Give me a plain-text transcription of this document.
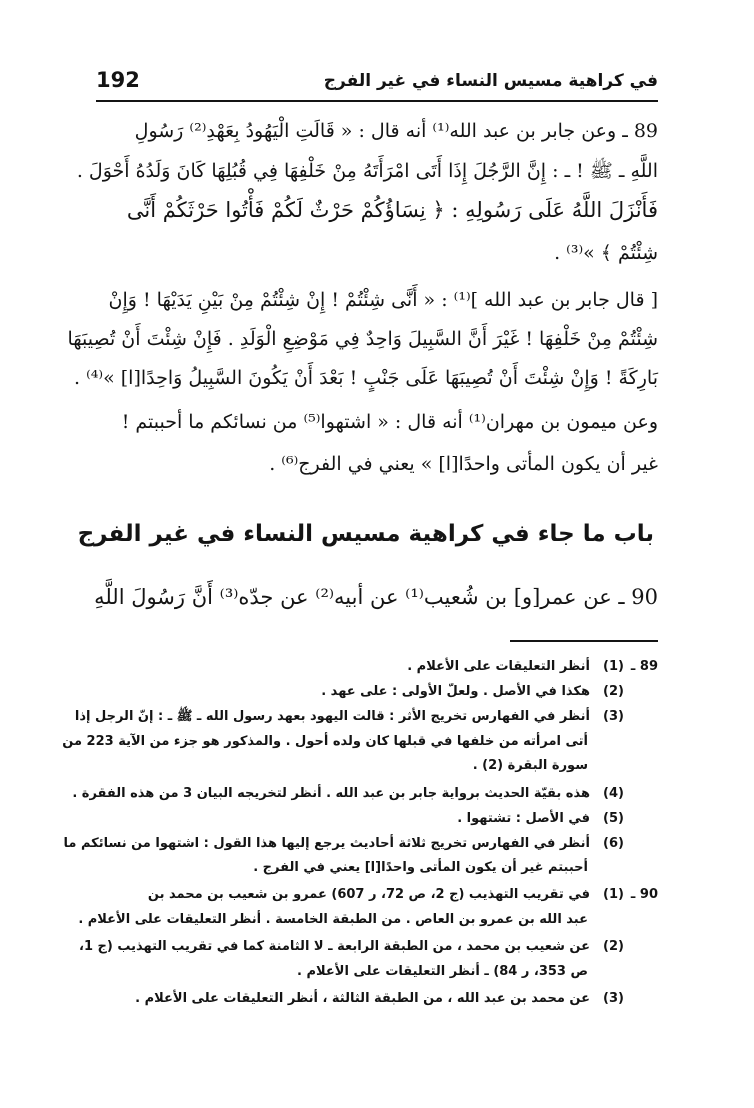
في كراهية مسيس النساء في غير الفرج
192
89 ـ وعن جابر بن عبد الله⁽¹⁾ أنه قال : « قَالَتِ الْيَهُودُ بِعَهْدِ⁽²⁾ رَسُولِ
اللَّهِ ـ ﷺ ! ـ : إِنَّ الرَّجُلَ إِذَا أَتَى امْرَأَتَهُ مِنْ خَلْفِهَا فِي قُبُلِهَا كَانَ وَلَدُهُ أَحْوَلَ .
فَأَنْزَلَ اللَّهُ عَلَى رَسُولِهِ : ﴿ نِسَاؤُكُمْ حَرْثٌ لَكُمْ فَأْتُوا حَرْثَكُمْ أَنَّى
شِئْتُمْ ﴾ »⁽³⁾ .
[ قال جابر بن عبد الله ]⁽¹⁾ : « أَنَّى شِئْتُمْ ! إِنْ شِئْتُمْ مِنْ بَيْنِ يَدَيْهَا ! وَإِنْ
شِئْتُمْ مِنْ خَلْفِهَا ! غَيْرَ أَنَّ السَّبِيلَ وَاحِدٌ فِي مَوْضِعِ الْوَلَدِ . فَإِنْ شِئْتَ أَنْ تُصِيبَهَا
بَارِكَةً ! وَإِنْ شِئْتَ أَنْ تُصِيبَهَا عَلَى جَنْبٍ ! بَعْدَ أَنْ يَكُونَ السَّبِيلُ وَاحِدًا[ا] »⁽⁴⁾ .
وعن ميمون بن مهران⁽¹⁾ أنه قال : « اشتهوا⁽⁵⁾ من نسائكم ما أحببتم !
غير أن يكون المأتى واحدًا[ا] » يعني في الفرج⁽⁶⁾ .
باب ما جاء في كراهية مسيس النساء في غير الفرج
90 ـ عن عمر[و] بن شُعيب⁽¹⁾ عن أبيه⁽²⁾ عن جدّه⁽³⁾ أَنَّ رَسُولَ اللَّهِ
89 ـ(1)أنظر التعليقات على الأعلام .
(2)هكذا في الأصل . ولعلّ الأولى : على عهد .
(3)أنظر في الفهارس تخريج الأثر : قالت اليهود بعهد رسول الله ـ ﷺ ـ : إنّ الرجل إذا
أتى امرأته من خلفها في قبلها كان ولده أحول . والمذكور هو جزء من الآية 223 من
سورة البقرة (2) .
(4)هذه بقيّة الحديث برواية جابر بن عبد الله . أنظر لتخريجه البيان 3 من هذه الفقرة .
(5)في الأصل : تشتهوا .
(6)أنظر في الفهارس تخريج ثلاثة أحاديث يرجع إليها هذا القول : اشتهوا من نسائكم ما
أحببتم غير أن يكون المأتى واحدًا[ا] يعني في الفرج .
90 ـ(1)في تقريب التهذيب (ج 2، ص 72، ر 607) عمرو بن شعيب بن محمد بن
عبد الله بن عمرو بن العاص . من الطبقة الخامسة . أنظر التعليقات على الأعلام .
(2)عن شعيب بن محمد ، من الطبقة الرابعة ـ لا الثامنة كما في تقريب التهذيب (ج 1،
ص 353، ر 84) ـ أنظر التعليقات على الأعلام .
(3)عن محمد بن عبد الله ، من الطبقة الثالثة ، أنظر التعليقات على الأعلام .
